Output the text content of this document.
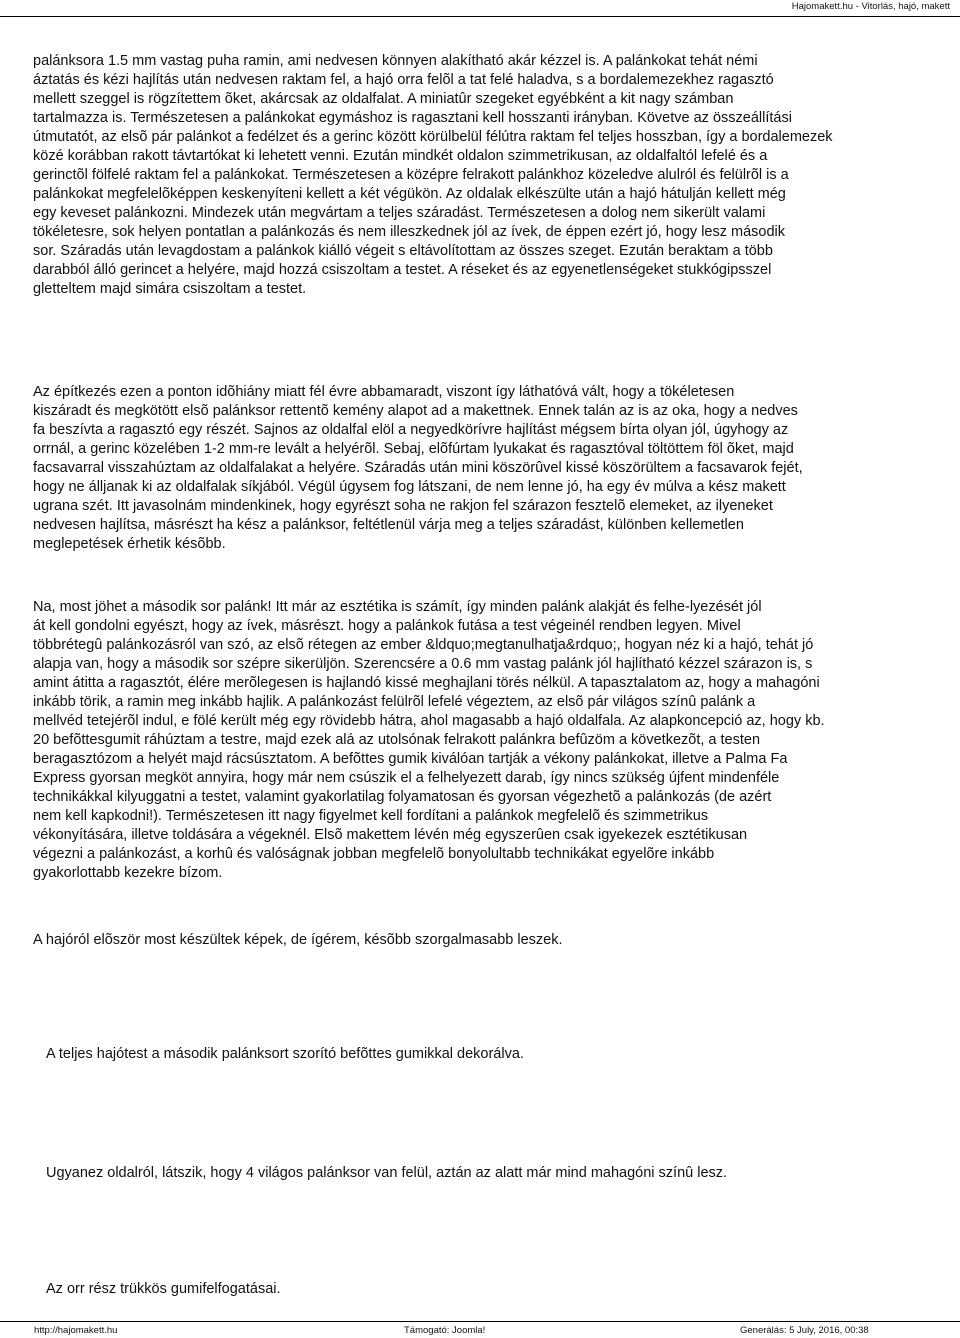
Hajomakett.hu - Vitorlás, hajó, makett

palánksora 1.5 mm vastag puha ramin, ami nedvesen könnyen alakítható akár kézzel is. A palánkokat tehát némi
áztatás és kézi hajlítás után nedvesen raktam fel, a hajó orra felõl a tat felé haladva, s a bordalemezekhez ragasztó
mellett szeggel is rögzítettem õket, akárcsak az oldalfalat. A miniatûr szegeket egyébként a kit nagy számban
tartalmazza is. Természetesen a palánkokat egymáshoz is ragasztani kell hosszanti irányban. Követve az összeállítási
útmutatót, az elsõ pár palánkot a fedélzet és a gerinc között körülbelül félútra raktam fel teljes hosszban, így a bordalemezek
közé korábban rakott távtartókat ki lehetett venni. Ezután mindkét oldalon szimmetrikusan, az oldalfaltól lefelé és a
gerinctõl fölfelé raktam fel a palánkokat. Természetesen a középre felrakott palánkhoz közeledve alulról és felülrõl is a
palánkokat megfelelõképpen keskenyíteni kellett a két végükön. Az oldalak elkészülte után a hajó hátulján kellett még
egy keveset palánkozni. Mindezek után megvártam a teljes száradást. Természetesen a dolog nem sikerült valami
tökéletesre, sok helyen pontatlan a palánkozás és nem illeszkednek jól az ívek, de éppen ezért jó, hogy lesz második
sor. Száradás után levagdostam a palánkok kiálló végeit s eltávolítottam az összes szeget. Ezután beraktam a több
darabból álló gerincet a helyére, majd hozzá csiszoltam a testet. A réseket és az egyenetlenségeket stukkógipsszel
gletteltem majd simára csiszoltam a testet.

Az építkezés ezen a ponton idõhiány miatt fél évre abbamaradt, viszont így láthatóvá vált, hogy a tökéletesen
kiszáradt és megkötött elsõ palánksor rettentõ kemény alapot ad a makettnek. Ennek talán az is az oka, hogy a nedves
fa beszívta a ragasztó egy részét. Sajnos az oldalfal elöl a negyedkörívre hajlítást mégsem bírta olyan jól, úgyhogy az
orrnál, a gerinc közelében 1-2 mm-re levált a helyérõl. Sebaj, elõfúrtam lyukakat és ragasztóval töltöttem föl õket, majd
facsavarral visszahúztam az oldalfalakat a helyére. Száradás után mini köszörûvel kissé köszörültem a facsavarok fejét,
hogy ne álljanak ki az oldalfalak síkjából. Végül úgysem fog látszani, de nem lenne jó, ha egy év múlva a kész makett
ugrana szét. Itt javasolnám mindenkinek, hogy egyrészt soha ne rakjon fel szárazon fesztelõ elemeket, az ilyeneket
nedvesen hajlítsa, másrészt ha kész a palánksor, feltétlenül várja meg a teljes száradást, különben kellemetlen
meglepetések érhetik késõbb.

Na, most jöhet a második sor palánk! Itt már az esztétika is számít, így minden palánk alakját és felhe-lyezését jól
át kell gondolni egyészt, hogy az ívek, másrészt. hogy a palánkok futása a test végeinél rendben legyen. Mivel
többrétegû palánkozásról van szó, az elsõ rétegen az ember &ldquo;megtanulhatja&rdquo;, hogyan néz ki a hajó, tehát jó
alapja van, hogy a második sor szépre sikerüljön. Szerencsére a 0.6 mm vastag palánk jól hajlítható kézzel szárazon is, s
amint átitta a ragasztót, élére merõlegesen is hajlandó kissé meghajlani törés nélkül. A tapasztalatom az, hogy a mahagóni
inkább törik, a ramin meg inkább hajlik. A palánkozást felülrõl lefelé végeztem, az elsõ pár világos színû palánk a
mellvéd tetejérõl indul, e fölé került még egy rövidebb hátra, ahol magasabb a hajó oldalfala. Az alapkoncepció az, hogy kb.
20 befõttesgumit ráhúztam a testre, majd ezek alá az utolsónak felrakott palánkra befûzöm a következõt, a testen
beragasztózom a helyét majd rácsúsztatom. A befõttes gumik kiválóan tartják a vékony palánkokat, illetve a Palma Fa
Express gyorsan megköt annyira, hogy már nem csúszik el a felhelyezett darab, így nincs szükség újfent mindenféle
technikákkal kilyuggatni a testet, valamint gyakorlatilag folyamatosan és gyorsan végezhetõ a palánkozás (de azért
nem kell kapkodni!). Természetesen itt nagy figyelmet kell fordítani a palánkok megfelelõ és szimmetrikus
vékonyítására, illetve toldására a végeknél. Elsõ makettem lévén még egyszerûen csak igyekezek esztétikusan
végezni a palánkozást, a korhû és valóságnak jobban megfelelõ bonyolultabb technikákat egyelõre inkább
gyakorlottabb kezekre bízom.

A hajóról elõször most készültek képek, de ígérem, késõbb szorgalmasabb leszek.

A teljes hajótest a második palánksort szorító befõttes gumikkal dekorálva.

Ugyanez oldalról, látszik, hogy 4 világos palánksor van felül, aztán az alatt már mind mahagóni színû lesz.

Az orr rész trükkös gumifelfogatásai.

http://hajomakett.hu	Támogató: Joomla!	Generálás: 5 July, 2016, 00:38
